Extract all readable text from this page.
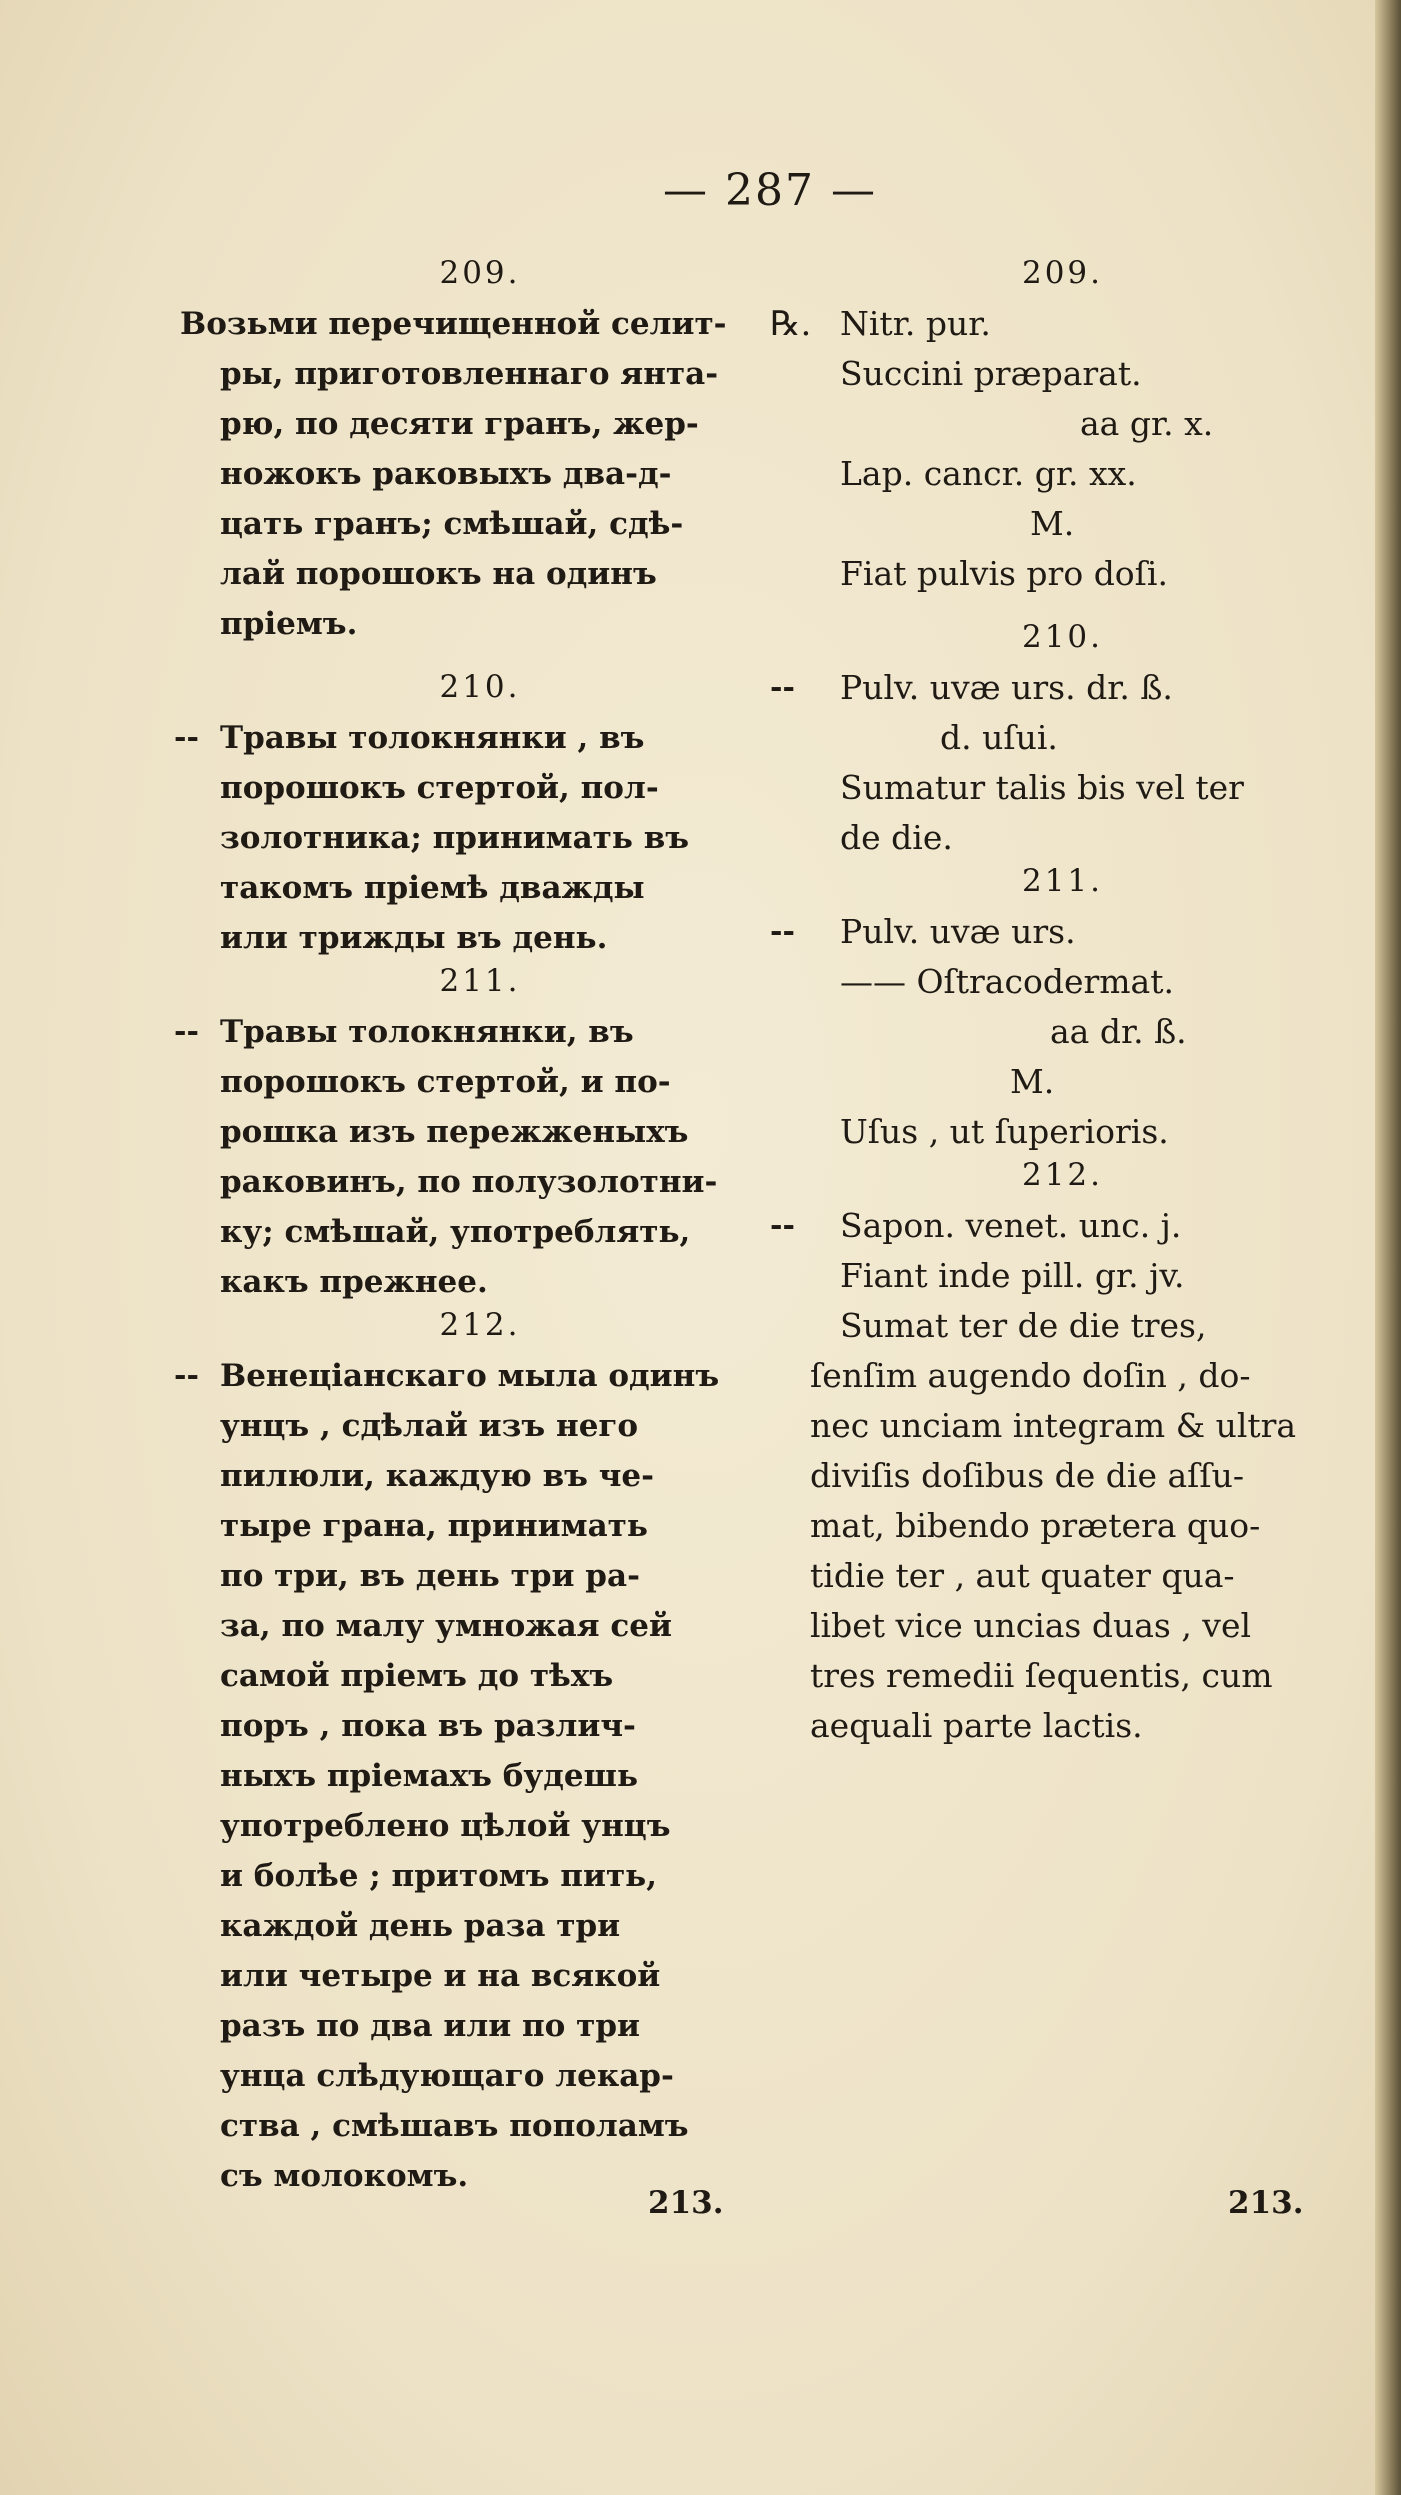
— 287 —
209.
Возьми перечищенной селит-
ры, приготовленнаго янта-
рю, по десяти гранъ, жер-
ножокъ раковыхъ два-д-
цать гранъ; смѣшай, сдѣ-
лай порошокъ на одинъ
пріемъ.
210.
-- Травы толокнянки , въ
порошокъ стертой, пол-
золотника; принимать въ
такомъ пріемѣ дважды
или трижды въ день.
211.
-- Травы толокнянки, въ
порошокъ стертой, и по-
рошка изъ пережженыхъ
раковинъ, по полузолотни-
ку; смѣшай, употреблять,
какъ прежнее.
212.
-- Венеціанскаго мыла одинъ
унцъ , сдѣлай изъ него
пилюли, каждую въ че-
тыре грана, принимать
по три, въ день три ра-
за, по малу умножая сей
самой пріемъ до тѣхъ
поръ , пока въ различ-
ныхъ пріемахъ будешь
употреблено цѣлой унцъ
и болѣе ; притомъ пить,
каждой день раза три
или четыре и на всякой
разъ по два или по три
унца слѣдующаго лекар-
ства , смѣшавъ пополамъ
съ молокомъ.
213.
209.
℞. Nitr. pur.
Succini præparat.
aa gr. x.
Lap. cancr. gr. xx.
M.
Fiat pulvis pro doſi.
210.
--	Pulv. uvæ urs. dr. ß.
d. uſui.
Sumatur talis bis vel ter
de die.
211.
--	Pulv. uvæ urs.
—— Oſtracodermat.
aa dr. ß.
M.
Uſus , ut ſuperioris.
212.
--	Sapon. venet. unc. j.
Fiant inde pill. gr. jv.
Sumat ter de die tres,
ſenſim augendo doſin , do-
nec unciam integram & ultra
diviſis doſibus de die aſſu-
mat, bibendo prætera quo-
tidie ter , aut quater qua-
libet vice uncias duas , vel
tres remedii ſequentis, cum
aequali parte lactis.
213.
